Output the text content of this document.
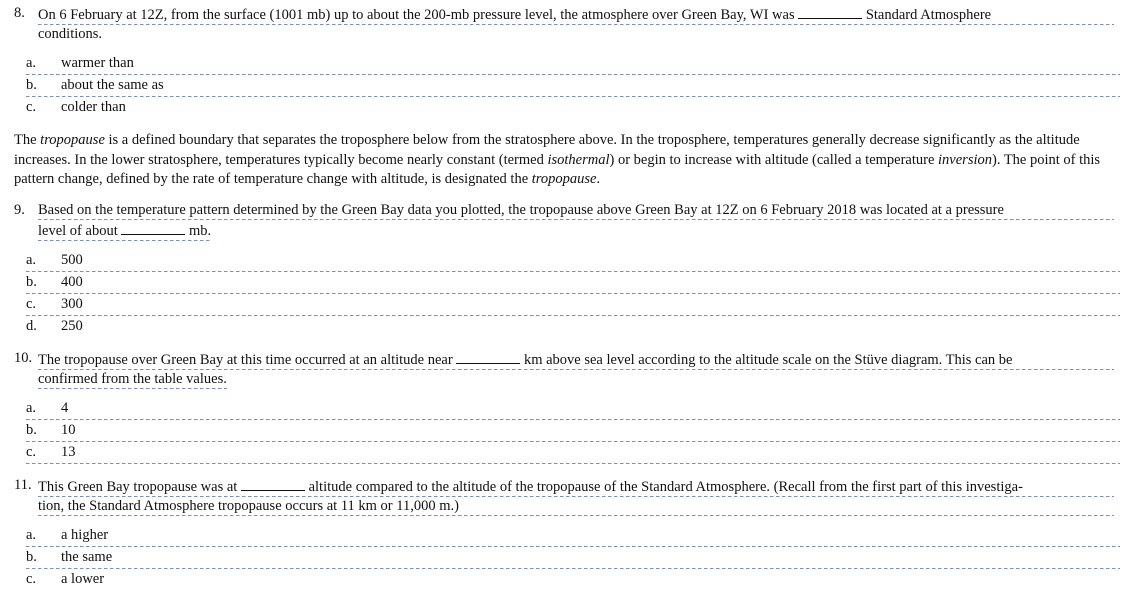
8. On 6 February at 12Z, from the surface (1001 mb) up to about the 200-mb pressure level, the atmosphere over Green Bay, WI was	Standard Atmosphere
conditions.
a. warmer than
b. about the same as
c. colder than

The tropopause is a defined boundary that separates the troposphere below from the stratosphere above. In the troposphere, temperatures generally decrease significantly as the altitude increases. In the lower stratosphere, temperatures typically become nearly constant (termed isothermal) or begin to increase with altitude (called a temperature inversion). The point of this pattern change, defined by the rate of temperature change with altitude, is designated the tropopause.

9. Based on the temperature pattern determined by the Green Bay data you plotted, the tropopause above Green Bay at 12Z on 6 February 2018 was located at a pressure
level of about	mb.
a. 500
b. 400
c. 300
d. 250
10. The tropopause over Green Bay at this time occurred at an altitude near	km above sea level according to the altitude scale on the Stüve diagram. This can be
confirmed from the table values.
a. 4
b. 10
c. 13
11. This Green Bay tropopause was at	altitude compared to the altitude of the tropopause of the Standard Atmosphere. (Recall from the first part of this investiga-
tion, the Standard Atmosphere tropopause occurs at 11 km or 11,000 m.)
a. a higher
b. the same
c. a lower
